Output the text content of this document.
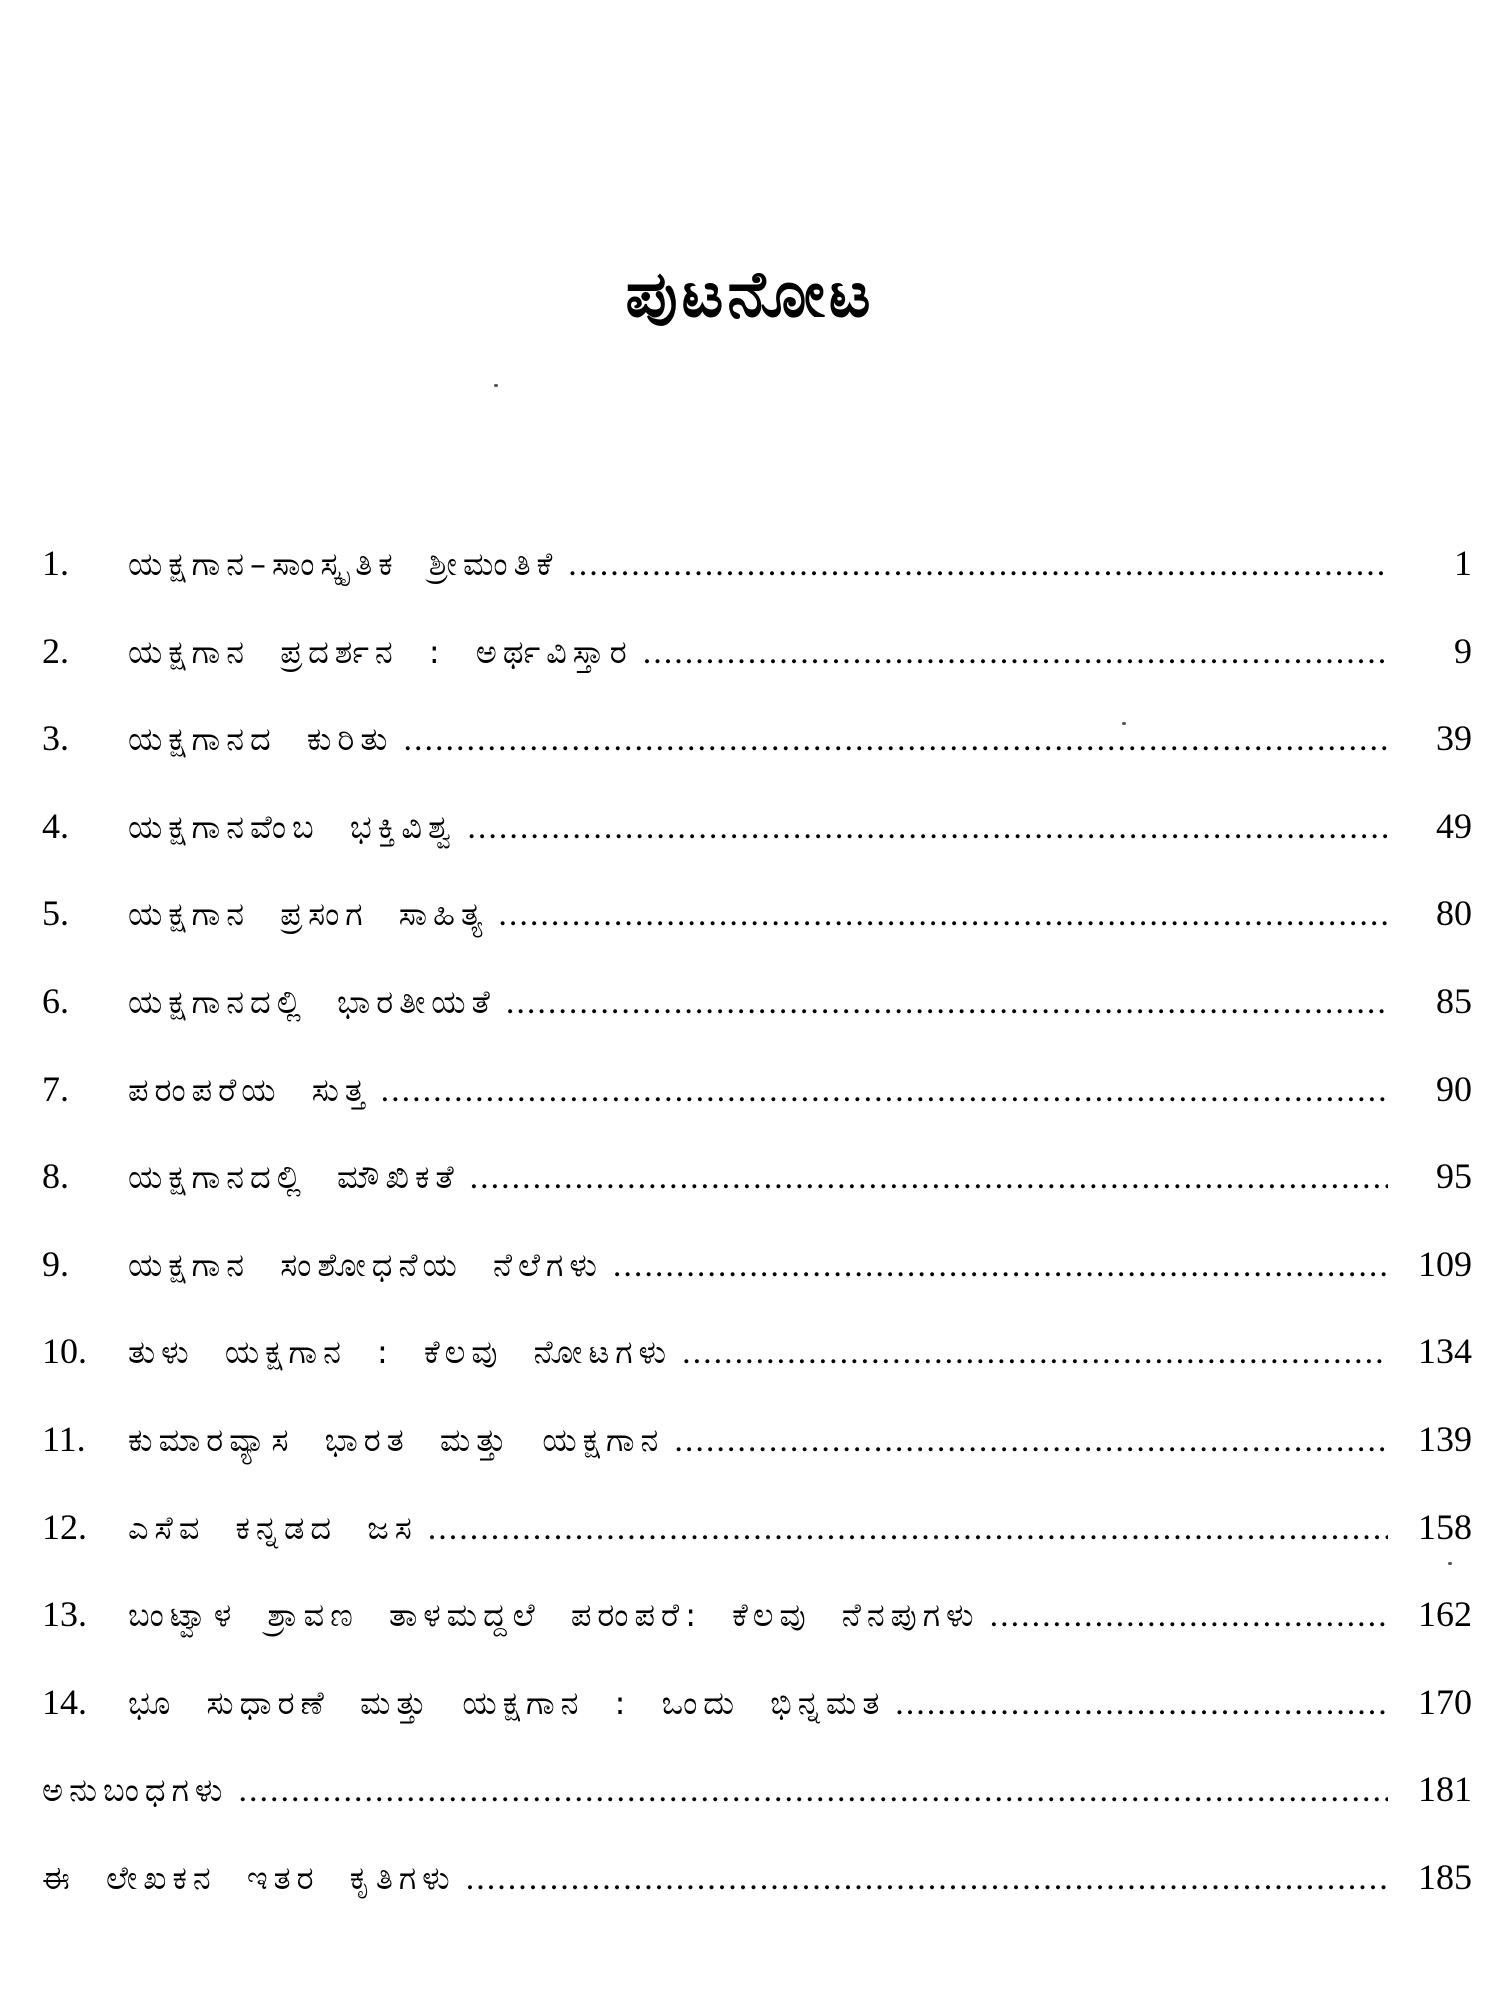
ಪುಟನೋಟ
1.	ಯಕ್ಷಗಾನ–ಸಾಂಸ್ಕೃತಿಕ ಶ್ರೀಮಂತಿಕೆ .....	1
2.	ಯಕ್ಷಗಾನ ಪ್ರದರ್ಶನ : ಅರ್ಥವಿಸ್ತಾರ .....	9
3.	ಯಕ್ಷಗಾನದ ಕುರಿತು .....	39
4.	ಯಕ್ಷಗಾನವೆಂಬ ಭಕ್ತಿವಿಶ್ವ .....	49
5.	ಯಕ್ಷಗಾನ ಪ್ರಸಂಗ ಸಾಹಿತ್ಯ .....	80
6.	ಯಕ್ಷಗಾನದಲ್ಲಿ ಭಾರತೀಯತೆ .....	85
7.	ಪರಂಪರೆಯ ಸುತ್ತ .....	90
8.	ಯಕ್ಷಗಾನದಲ್ಲಿ ಮೌಖಿಕತೆ .....	95
9.	ಯಕ್ಷಗಾನ ಸಂಶೋಧನೆಯ ನೆಲೆಗಳು .....	109
10.	ತುಳು ಯಕ್ಷಗಾನ : ಕೆಲವು ನೋಟಗಳು .....	134
11.	ಕುಮಾರವ್ಯಾಸ ಭಾರತ ಮತ್ತು ಯಕ್ಷಗಾನ .....	139
12.	ಎಸೆವ ಕನ್ನಡದ ಜಸ .....	158
13.	ಬಂಟ್ವಾಳ ಶ್ರಾವಣ ತಾಳಮದ್ದಲೆ ಪರಂಪರೆ: ಕೆಲವು ನೆನಪುಗಳು .....	162
14.	ಭೂ ಸುಧಾರಣೆ ಮತ್ತು ಯಕ್ಷಗಾನ : ಒಂದು ಭಿನ್ನಮತ .....	170
ಅನುಬಂಧಗಳು .....	181
ಈ ಲೇಖಕನ ಇತರ ಕೃತಿಗಳು .....	185
